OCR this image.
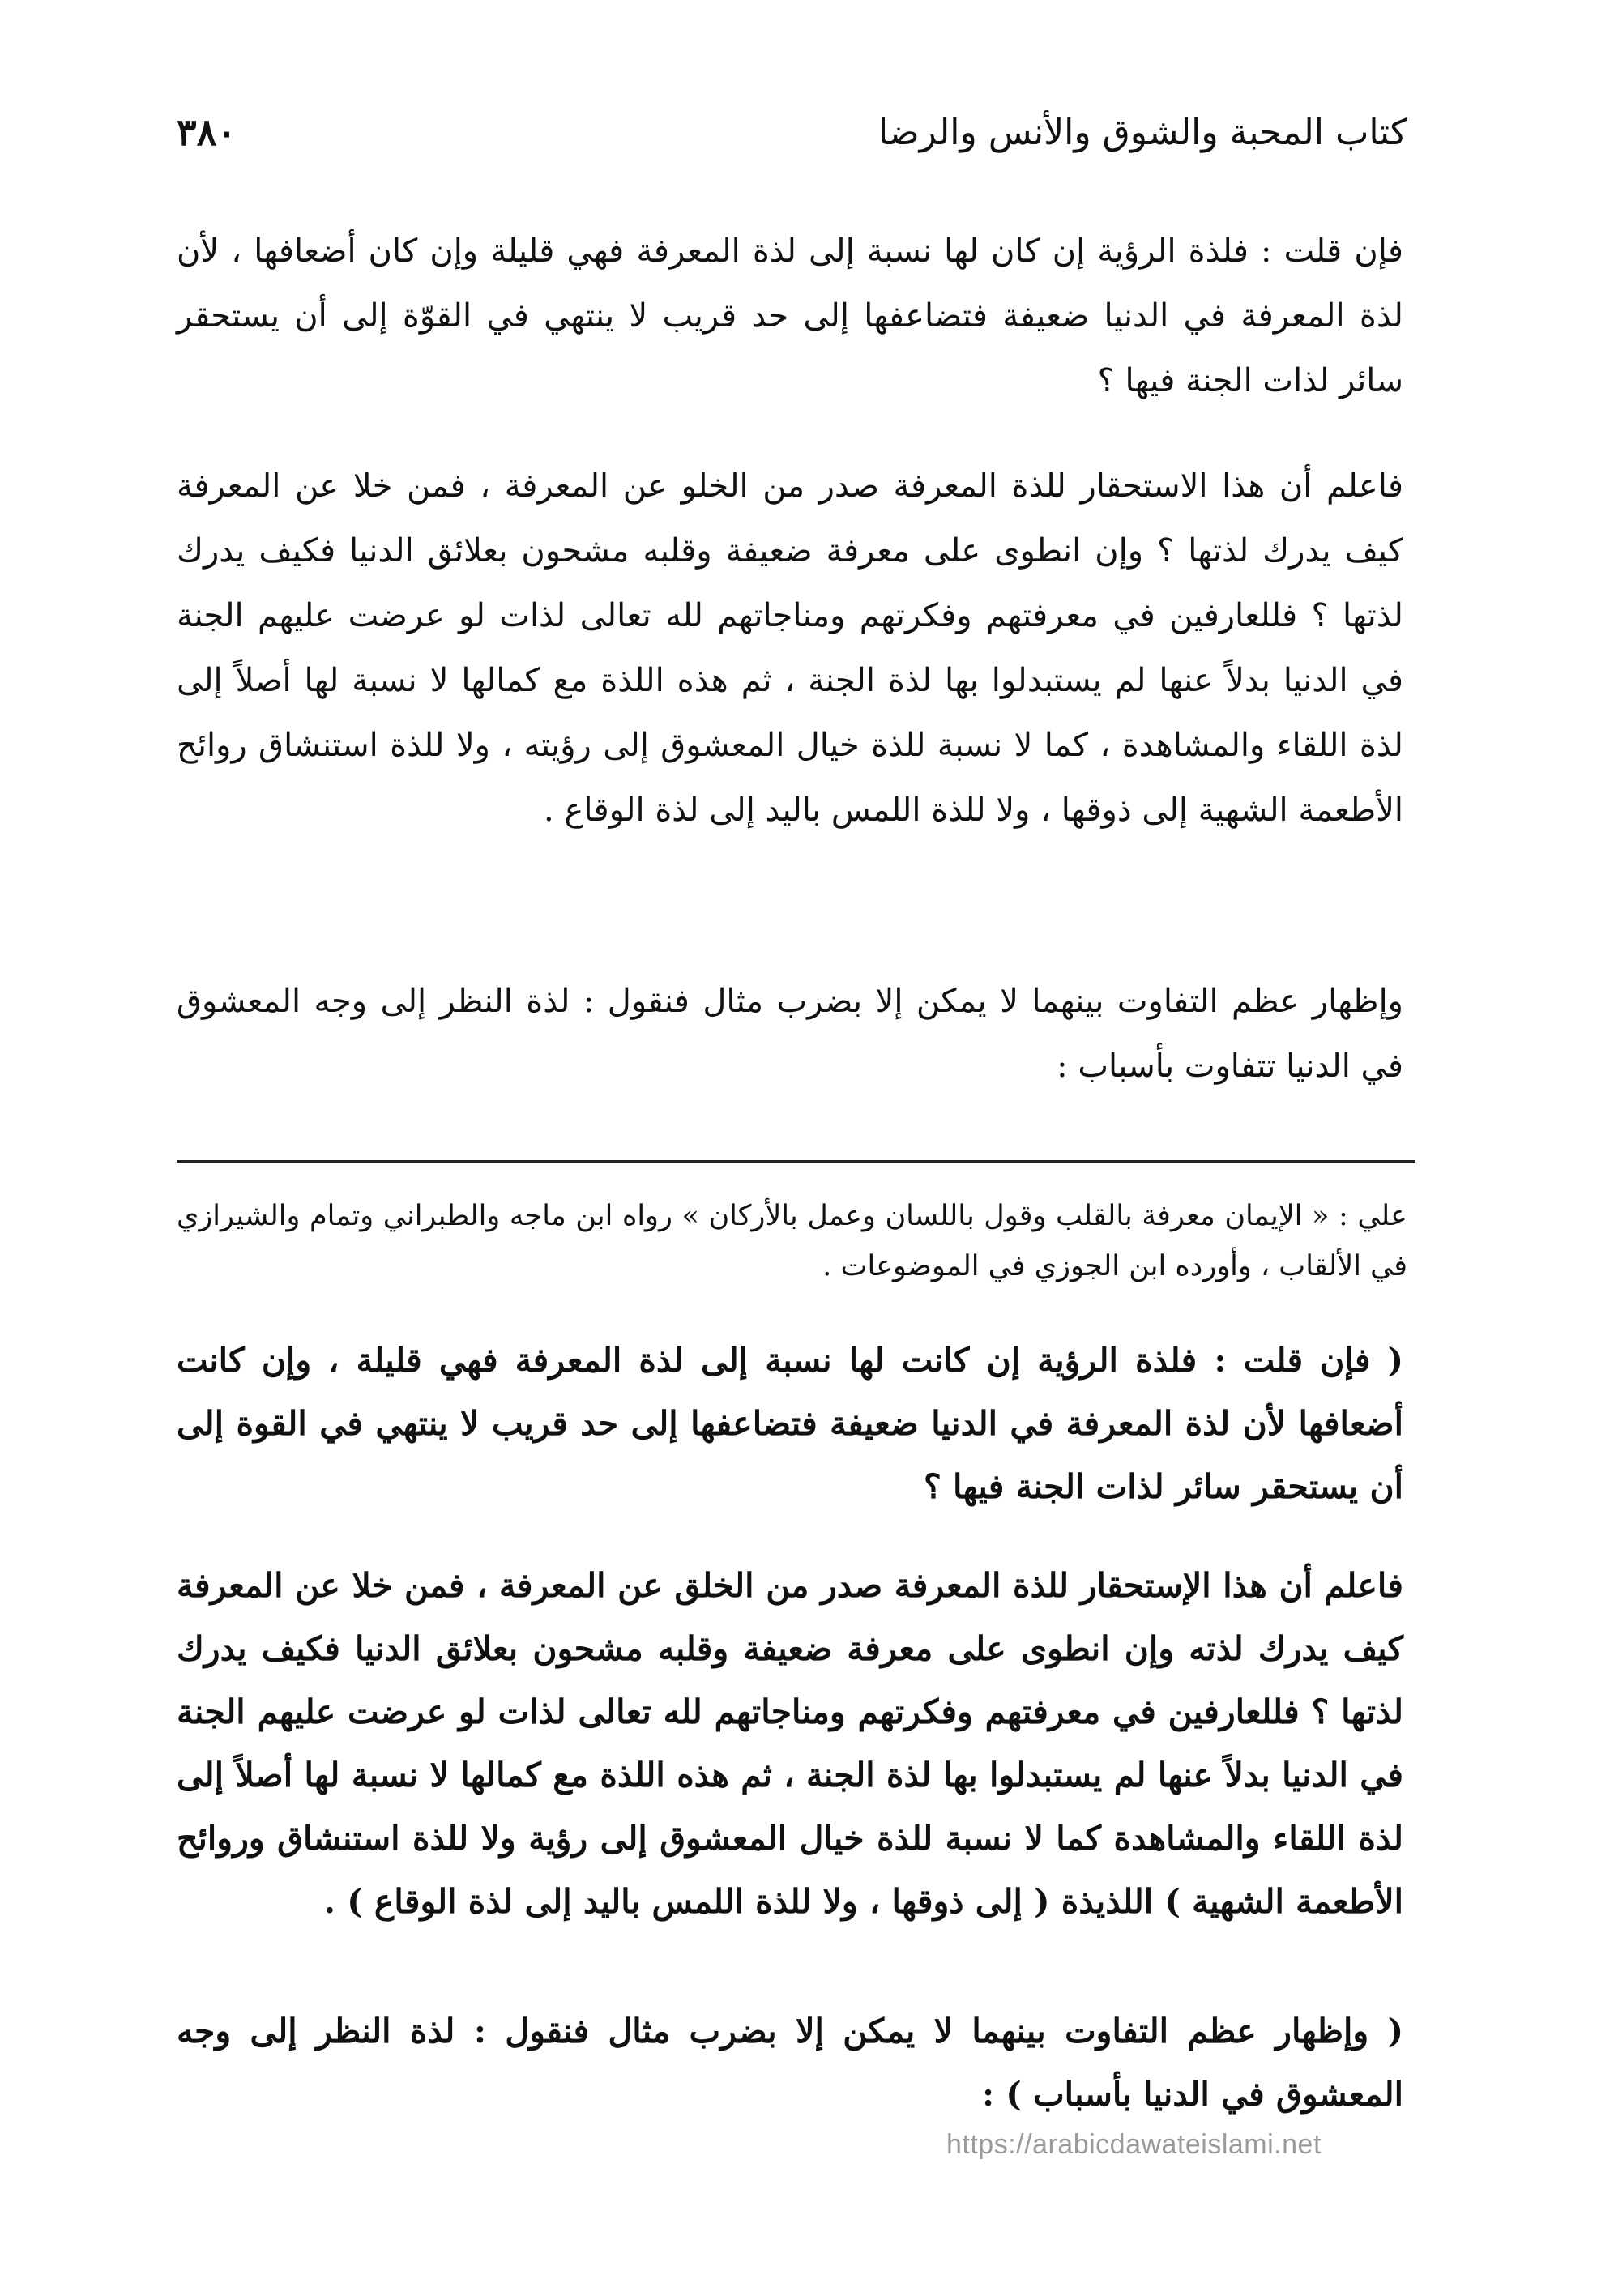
كتاب المحبة والشوق والأنس والرضا
٣٨٠

فإن قلت : فلذة الرؤية إن كان لها نسبة إلى لذة المعرفة فهي قليلة وإن كان أضعافها ، لأن لذة المعرفة في الدنيا ضعيفة فتضاعفها إلى حد قريب لا ينتهي في القوّة إلى أن يستحقر سائر لذات الجنة فيها ؟

فاعلم أن هذا الاستحقار للذة المعرفة صدر من الخلو عن المعرفة ، فمن خلا عن المعرفة كيف يدرك لذتها ؟ وإن انطوى على معرفة ضعيفة وقلبه مشحون بعلائق الدنيا فكيف يدرك لذتها ؟ فللعارفين في معرفتهم وفكرتهم ومناجاتهم لله تعالى لذات لو عرضت عليهم الجنة في الدنيا بدلاً عنها لم يستبدلوا بها لذة الجنة ، ثم هذه اللذة مع كمالها لا نسبة لها أصلاً إلى لذة اللقاء والمشاهدة ، كما لا نسبة للذة خيال المعشوق إلى رؤيته ، ولا للذة استنشاق روائح الأطعمة الشهية إلى ذوقها ، ولا للذة اللمس باليد إلى لذة الوقاع .

وإظهار عظم التفاوت بينهما لا يمكن إلا بضرب مثال فنقول : لذة النظر إلى وجه المعشوق في الدنيا تتفاوت بأسباب :

علي : « الإيمان معرفة بالقلب وقول باللسان وعمل بالأركان » رواه ابن ماجه والطبراني وتمام والشيرازي في الألقاب ، وأورده ابن الجوزي في الموضوعات .

( فإن قلت : فلذة الرؤية إن كانت لها نسبة إلى لذة المعرفة فهي قليلة ، وإن كانت أضعافها لأن لذة المعرفة في الدنيا ضعيفة فتضاعفها إلى حد قريب لا ينتهي في القوة إلى أن يستحقر سائر لذات الجنة فيها ؟

فاعلم أن هذا الإستحقار للذة المعرفة صدر من الخلق عن المعرفة ، فمن خلا عن المعرفة كيف يدرك لذته وإن انطوى على معرفة ضعيفة وقلبه مشحون بعلائق الدنيا فكيف يدرك لذتها ؟ فللعارفين في معرفتهم وفكرتهم ومناجاتهم لله تعالى لذات لو عرضت عليهم الجنة في الدنيا بدلاً عنها لم يستبدلوا بها لذة الجنة ، ثم هذه اللذة مع كمالها لا نسبة لها أصلاً إلى لذة اللقاء والمشاهدة كما لا نسبة للذة خيال المعشوق إلى رؤية ولا للذة استنشاق وروائح الأطعمة الشهية ) اللذيذة ( إلى ذوقها ، ولا للذة اللمس باليد إلى لذة الوقاع ) .

( وإظهار عظم التفاوت بينهما لا يمكن إلا بضرب مثال فنقول : لذة النظر إلى وجه المعشوق في الدنيا بأسباب ) :

https://arabicdawateislami.net
